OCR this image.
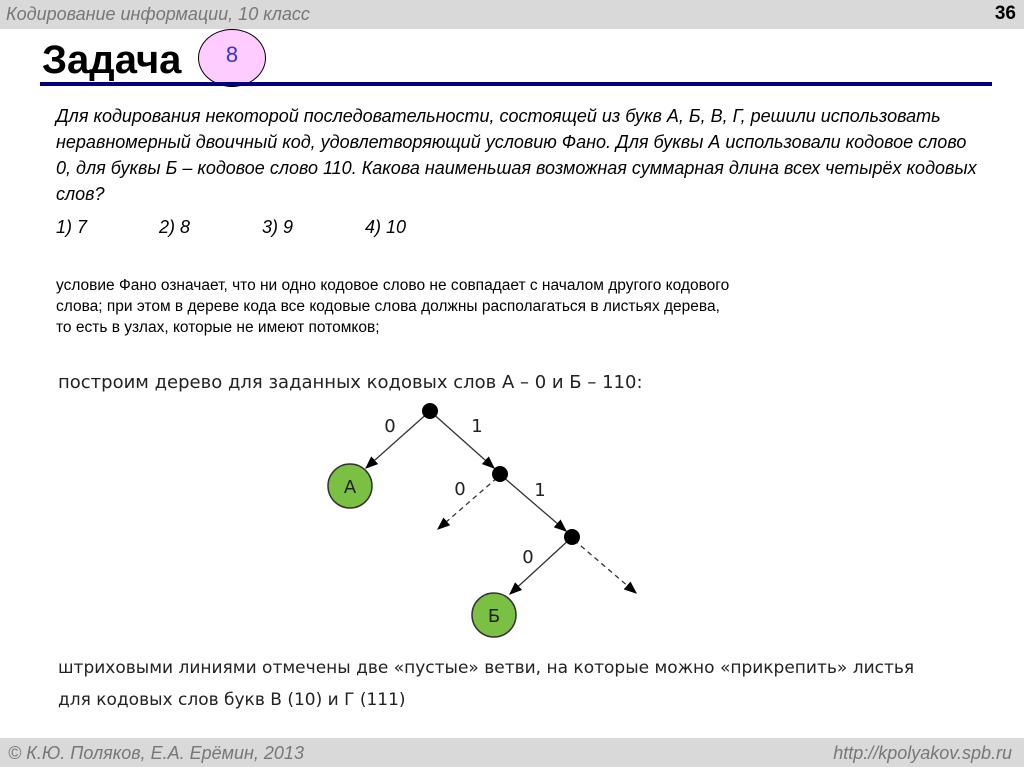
Кодирование информации, 10 класс	36
Задача	8
Для кодирования некоторой последовательности, состоящей из букв А, Б, В, Г, решили использовать неравномерный двоичный код, удовлетворяющий условию Фано. Для буквы А использовали кодовое слово 0, для буквы Б – кодовое слово 110. Какова наименьшая возможная суммарная длина всех четырёх кодовых слов?
1) 7	2) 8	3) 9	4) 10
условие Фано означает, что ни одно кодовое слово не совпадает с началом другого кодового
слова; при этом в дереве кода все кодовые слова должны располагаться в листьях дерева,
то есть в узлах, которые не имеют потомков;
построим дерево для заданных кодовых слов А – 0 и Б – 110:
А
Б
0	1
0	1
0
штриховыми линиями отмечены две «пустые» ветви, на которые можно «прикрепить» листья
для кодовых слов букв В (10) и Г (111)
© К.Ю. Поляков, Е.А. Ерёмин, 2013	http://kpolyakov.spb.ru
